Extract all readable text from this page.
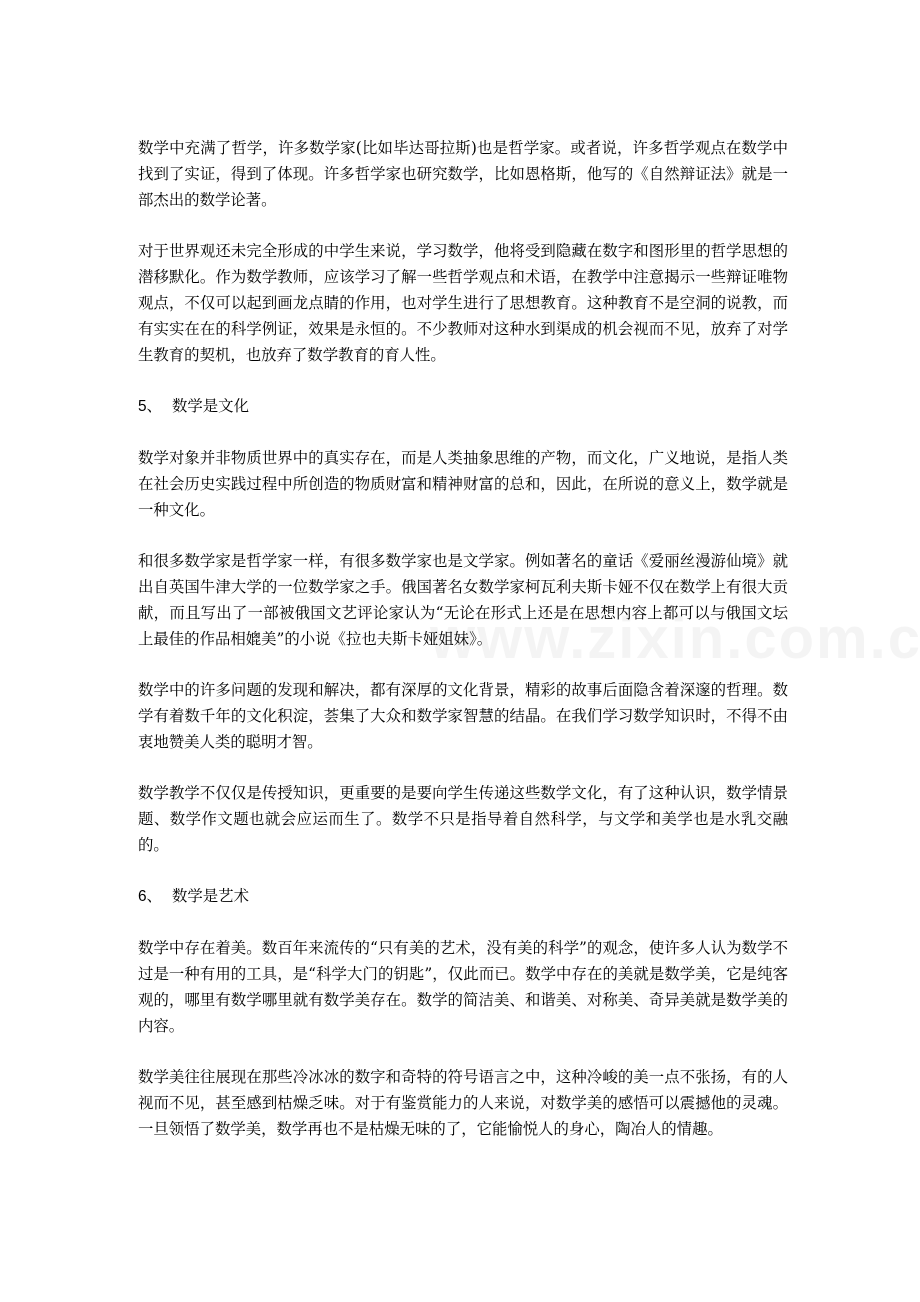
数学中充满了哲学，许多数学家(比如毕达哥拉斯)也是哲学家。或者说，许多哲学观点在数学中找到了实证，得到了体现。许多哲学家也研究数学，比如恩格斯，他写的《自然辩证法》就是一部杰出的数学论著。

对于世界观还未完全形成的中学生来说，学习数学，他将受到隐藏在数字和图形里的哲学思想的潜移默化。作为数学教师，应该学习了解一些哲学观点和术语，在教学中注意揭示一些辩证唯物观点，不仅可以起到画龙点睛的作用，也对学生进行了思想教育。这种教育不是空洞的说教，而有实实在在的科学例证，效果是永恒的。不少教师对这种水到渠成的机会视而不见，放弃了对学生教育的契机，也放弃了数学教育的育人性。

5、 数学是文化

数学对象并非物质世界中的真实存在，而是人类抽象思维的产物，而文化，广义地说，是指人类在社会历史实践过程中所创造的物质财富和精神财富的总和，因此，在所说的意义上，数学就是一种文化。

和很多数学家是哲学家一样，有很多数学家也是文学家。例如著名的童话《爱丽丝漫游仙境》就出自英国牛津大学的一位数学家之手。俄国著名女数学家柯瓦利夫斯卡娅不仅在数学上有很大贡献，而且写出了一部被俄国文艺评论家认为“无论在形式上还是在思想内容上都可以与俄国文坛上最佳的作品相媲美”的小说《拉也夫斯卡娅姐妹》。

数学中的许多问题的发现和解决，都有深厚的文化背景，精彩的故事后面隐含着深邃的哲理。数学有着数千年的文化积淀，荟集了大众和数学家智慧的结晶。在我们学习数学知识时，不得不由衷地赞美人类的聪明才智。

数学教学不仅仅是传授知识，更重要的是要向学生传递这些数学文化，有了这种认识，数学情景题、数学作文题也就会应运而生了。数学不只是指导着自然科学，与文学和美学也是水乳交融的。

6、 数学是艺术

数学中存在着美。数百年来流传的“只有美的艺术，没有美的科学”的观念，使许多人认为数学不过是一种有用的工具，是“科学大门的钥匙”，仅此而已。数学中存在的美就是数学美，它是纯客观的，哪里有数学哪里就有数学美存在。数学的简洁美、和谐美、对称美、奇异美就是数学美的内容。

数学美往往展现在那些冷冰冰的数字和奇特的符号语言之中，这种冷峻的美一点不张扬，有的人视而不见，甚至感到枯燥乏味。对于有鉴赏能力的人来说，对数学美的感悟可以震撼他的灵魂。一旦领悟了数学美，数学再也不是枯燥无味的了，它能愉悦人的身心，陶冶人的情趣。
